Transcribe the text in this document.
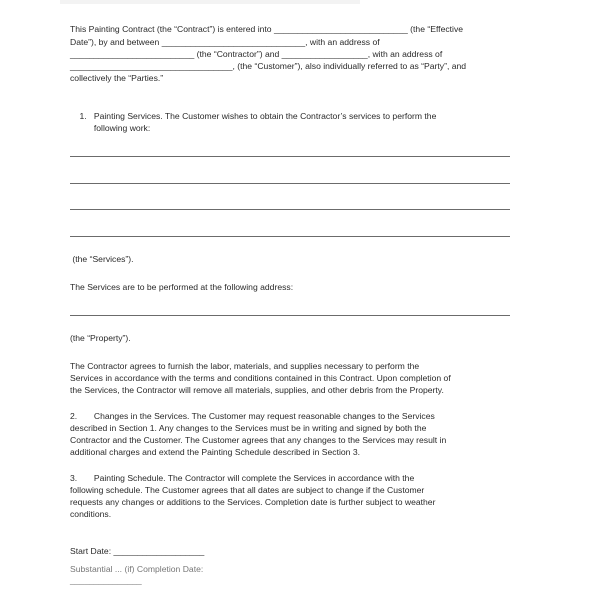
This Painting Contract (the “Contract”) is entered into ____________________________ (the “Effective

Date”), by and between ______________________________, with an address of

__________________________ (the “Contractor”) and __________________, with an address of

__________________________________, (the “Customer”), also individually referred to as “Party”, and

collectively the “Parties.”

1.   Painting Services. The Customer wishes to obtain the Contractor’s services to perform the

following work:

(the “Services”).

The Services are to be performed at the following address:

(the “Property”).

The Contractor agrees to furnish the labor, materials, and supplies necessary to perform the

Services in accordance with the terms and conditions contained in this Contract. Upon completion of

the Services, the Contractor will remove all materials, supplies, and other debris from the Property.

2.       Changes in the Services. The Customer may request reasonable changes to the Services

described in Section 1. Any changes to the Services must be in writing and signed by both the

Contractor and the Customer. The Customer agrees that any changes to the Services may result in

additional charges and extend the Painting Schedule described in Section 3.

3.       Painting Schedule. The Contractor will complete the Services in accordance with the

following schedule. The Customer agrees that all dates are subject to change if the Customer

requests any changes or additions to the Services. Completion date is further subject to weather

conditions.

Start Date: ___________________

Substantial ... (if) Completion Date: _______________
